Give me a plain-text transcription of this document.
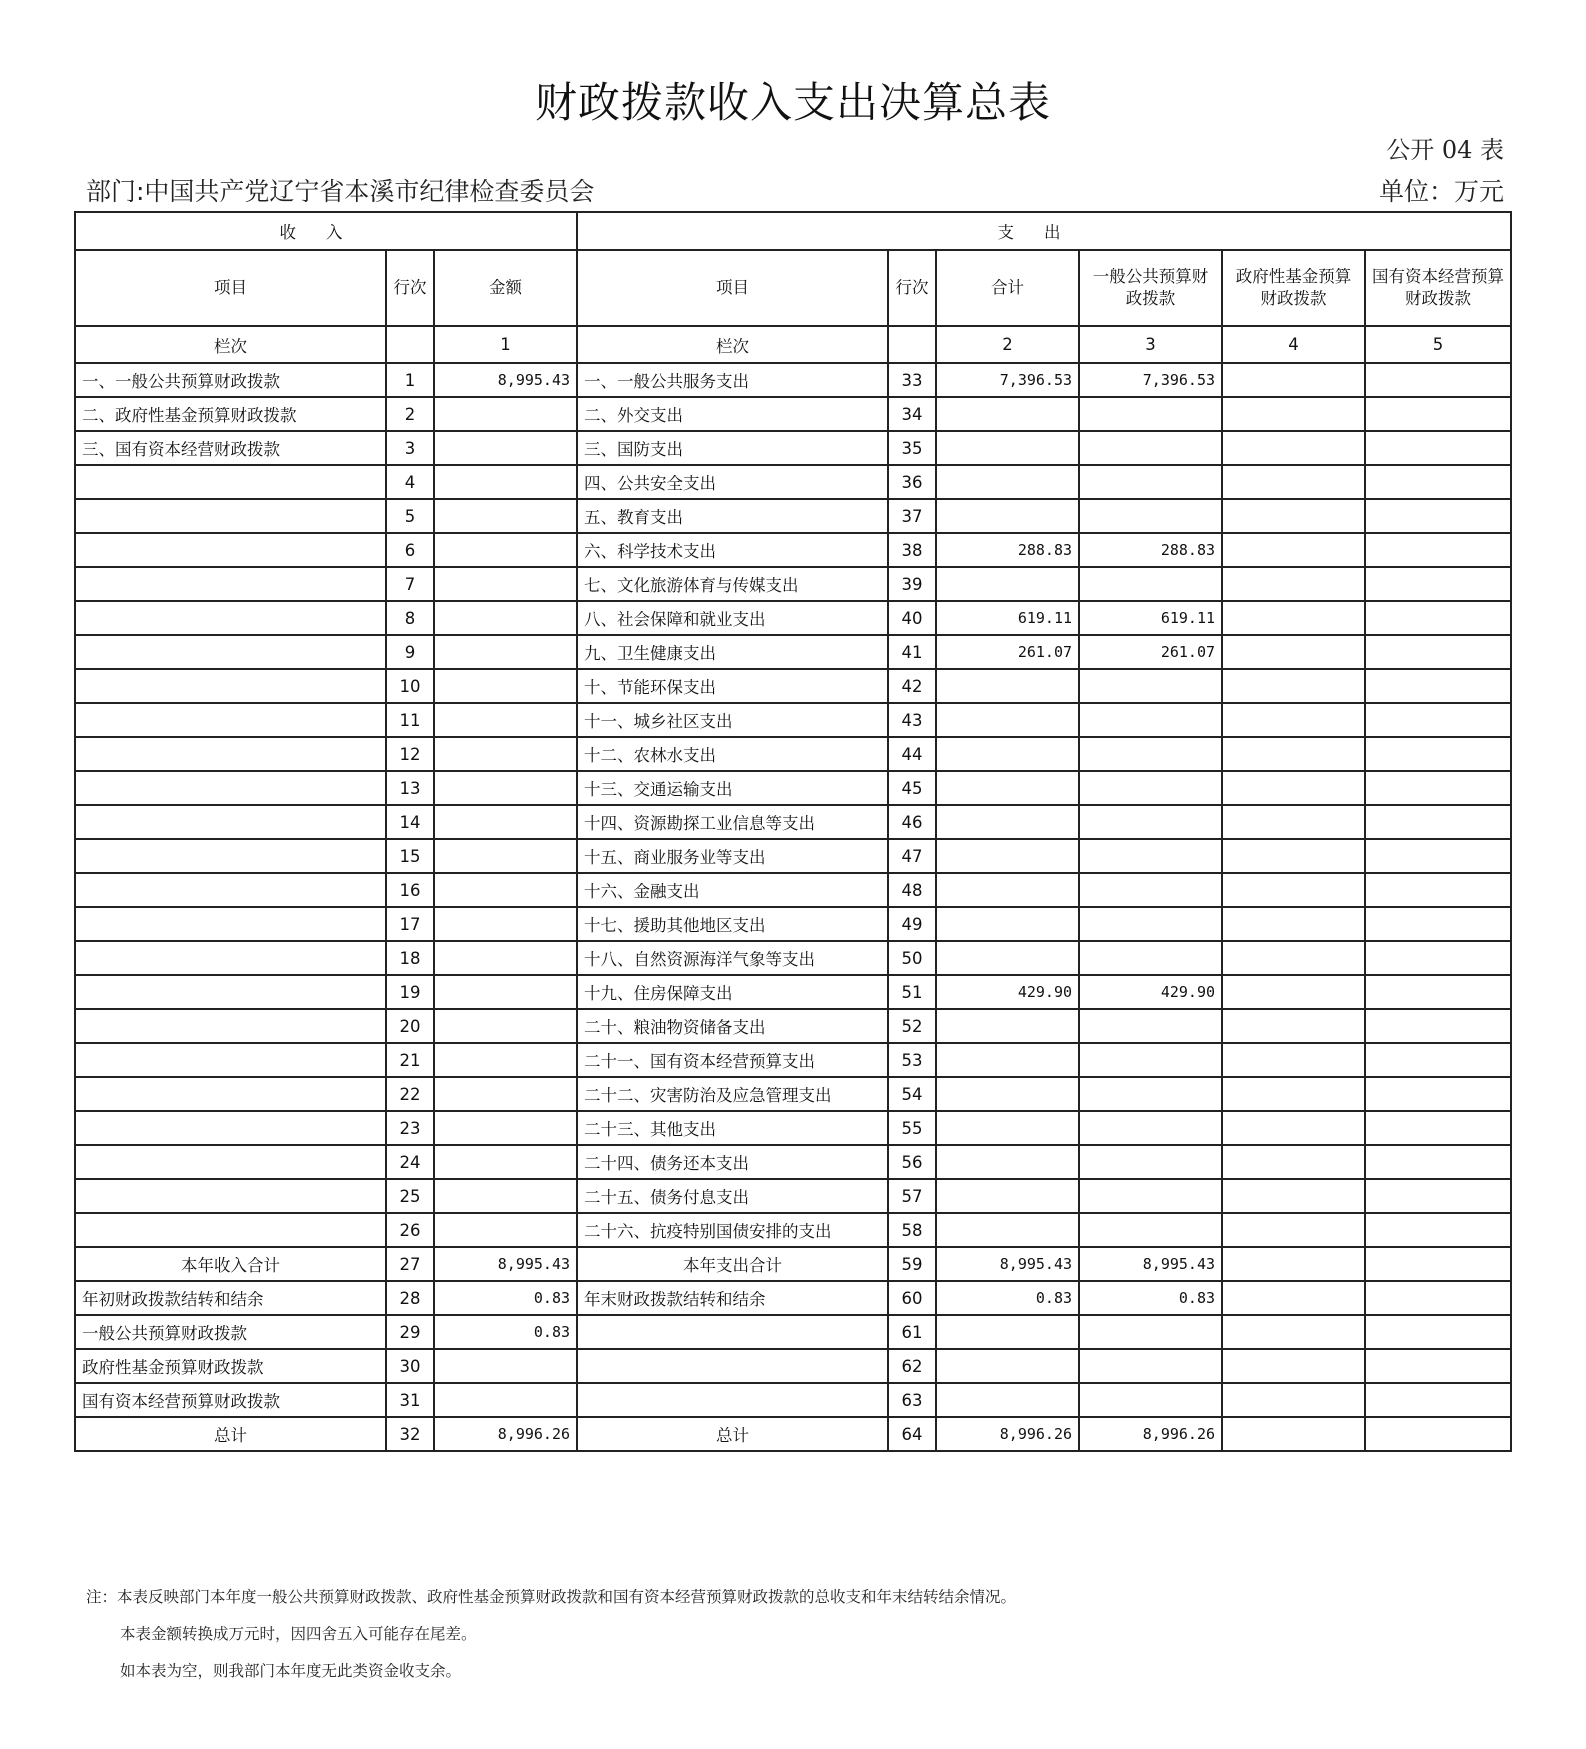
财政拨款收入支出决算总表
公开 04 表
部门:中国共产党辽宁省本溪市纪律检查委员会	单位：万元
收入			支出					
项目	行次	金额	项目	行次	合计	一般公共预算财政拨款	政府性基金预算财政拨款	国有资本经营预算财政拨款
栏次		1	栏次		2	3	4	5
一、一般公共预算财政拨款	1	8,995.43	一、一般公共服务支出	33	7,396.53	7,396.53		
二、政府性基金预算财政拨款	2		二、外交支出	34				
三、国有资本经营财政拨款	3		三、国防支出	35				
	4		四、公共安全支出	36				
	5		五、教育支出	37				
	6		六、科学技术支出	38	288.83	288.83		
	7		七、文化旅游体育与传媒支出	39				
	8		八、社会保障和就业支出	40	619.11	619.11		
	9		九、卫生健康支出	41	261.07	261.07		
	10		十、节能环保支出	42				
	11		十一、城乡社区支出	43				
	12		十二、农林水支出	44				
	13		十三、交通运输支出	45				
	14		十四、资源勘探工业信息等支出	46				
	15		十五、商业服务业等支出	47				
	16		十六、金融支出	48				
	17		十七、援助其他地区支出	49				
	18		十八、自然资源海洋气象等支出	50				
	19		十九、住房保障支出	51	429.90	429.90		
	20		二十、粮油物资储备支出	52				
	21		二十一、国有资本经营预算支出	53				
	22		二十二、灾害防治及应急管理支出	54				
	23		二十三、其他支出	55				
	24		二十四、债务还本支出	56				
	25		二十五、债务付息支出	57				
	26		二十六、抗疫特别国债安排的支出	58				
本年收入合计	27	8,995.43	本年支出合计	59	8,995.43	8,995.43		
年初财政拨款结转和结余	28	0.83	年末财政拨款结转和结余	60	0.83	0.83		
一般公共预算财政拨款	29	0.83		61				
政府性基金预算财政拨款	30			62				
国有资本经营预算财政拨款	31			63				
总计	32	8,996.26	总计	64	8,996.26	8,996.26		
注：本表反映部门本年度一般公共预算财政拨款、政府性基金预算财政拨款和国有资本经营预算财政拨款的总收支和年末结转结余情况。
本表金额转换成万元时，因四舍五入可能存在尾差。
如本表为空，则我部门本年度无此类资金收支余。
